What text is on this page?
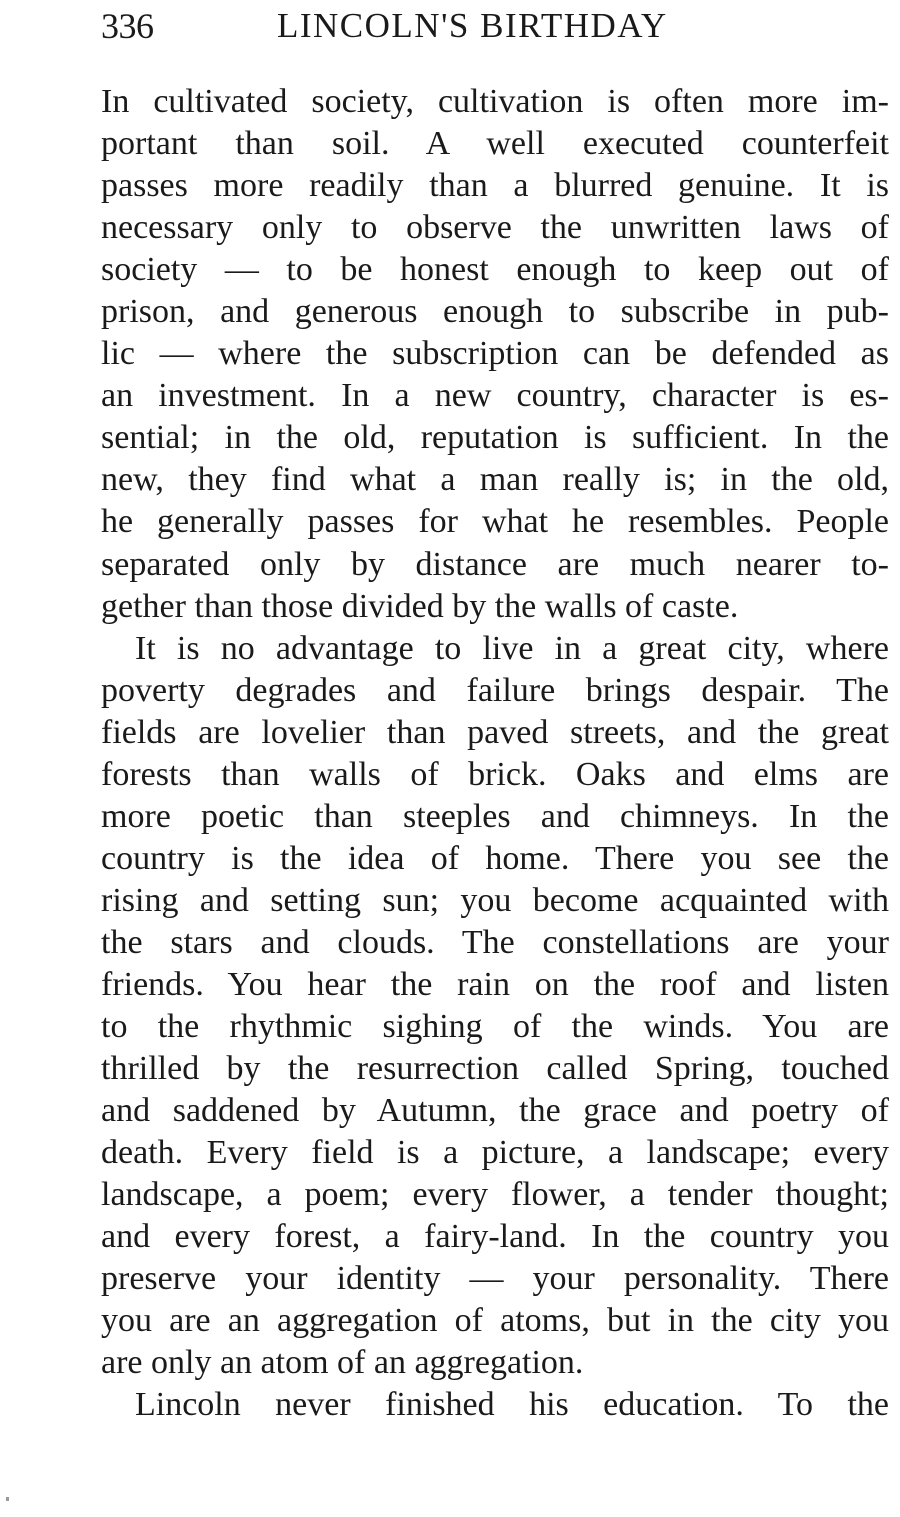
336	LINCOLN'S BIRTHDAY
In cultivated society, cultivation is often more im-
portant than soil. A well executed counterfeit
passes more readily than a blurred genuine. It is
necessary only to observe the unwritten laws of
society — to be honest enough to keep out of
prison, and generous enough to subscribe in pub-
lic — where the subscription can be defended as
an investment. In a new country, character is es-
sential; in the old, reputation is sufficient. In the
new, they find what a man really is; in the old,
he generally passes for what he resembles. People
separated only by distance are much nearer to-
gether than those divided by the walls of caste.
It is no advantage to live in a great city, where
poverty degrades and failure brings despair. The
fields are lovelier than paved streets, and the great
forests than walls of brick. Oaks and elms are
more poetic than steeples and chimneys. In the
country is the idea of home. There you see the
rising and setting sun; you become acquainted with
the stars and clouds. The constellations are your
friends. You hear the rain on the roof and listen
to the rhythmic sighing of the winds. You are
thrilled by the resurrection called Spring, touched
and saddened by Autumn, the grace and poetry of
death. Every field is a picture, a landscape; every
landscape, a poem; every flower, a tender thought;
and every forest, a fairy-land. In the country you
preserve your identity — your personality. There
you are an aggregation of atoms, but in the city you
are only an atom of an aggregation.
Lincoln never finished his education. To the
